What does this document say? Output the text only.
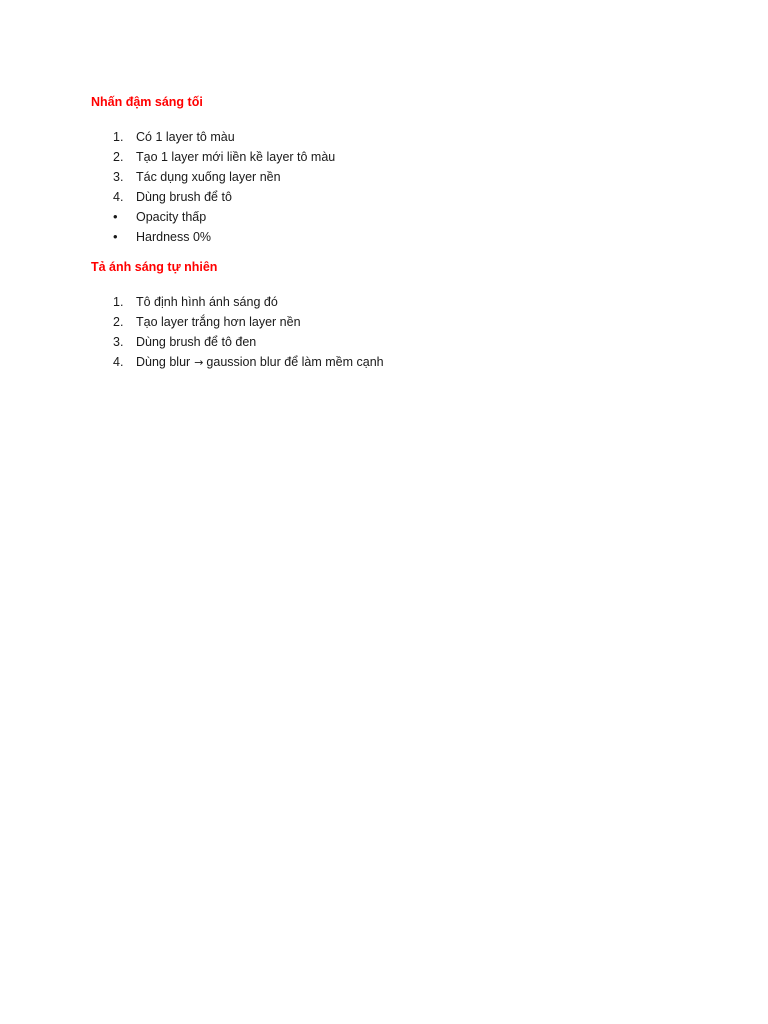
Nhấn đậm sáng tối
1.	Có 1 layer tô màu
2.	Tạo 1 layer mới liền kề layer tô màu
3.	Tác dụng xuống layer nền
4.	Dùng brush để tô
•	Opacity thấp
•	Hardness 0%
Tả ánh sáng tự nhiên
1.	Tô định hình ánh sáng đó
2.	Tạo layer trắng hơn layer nền
3.	Dùng brush để tô đen
4.	Dùng blur → gaussion blur để làm mềm cạnh
